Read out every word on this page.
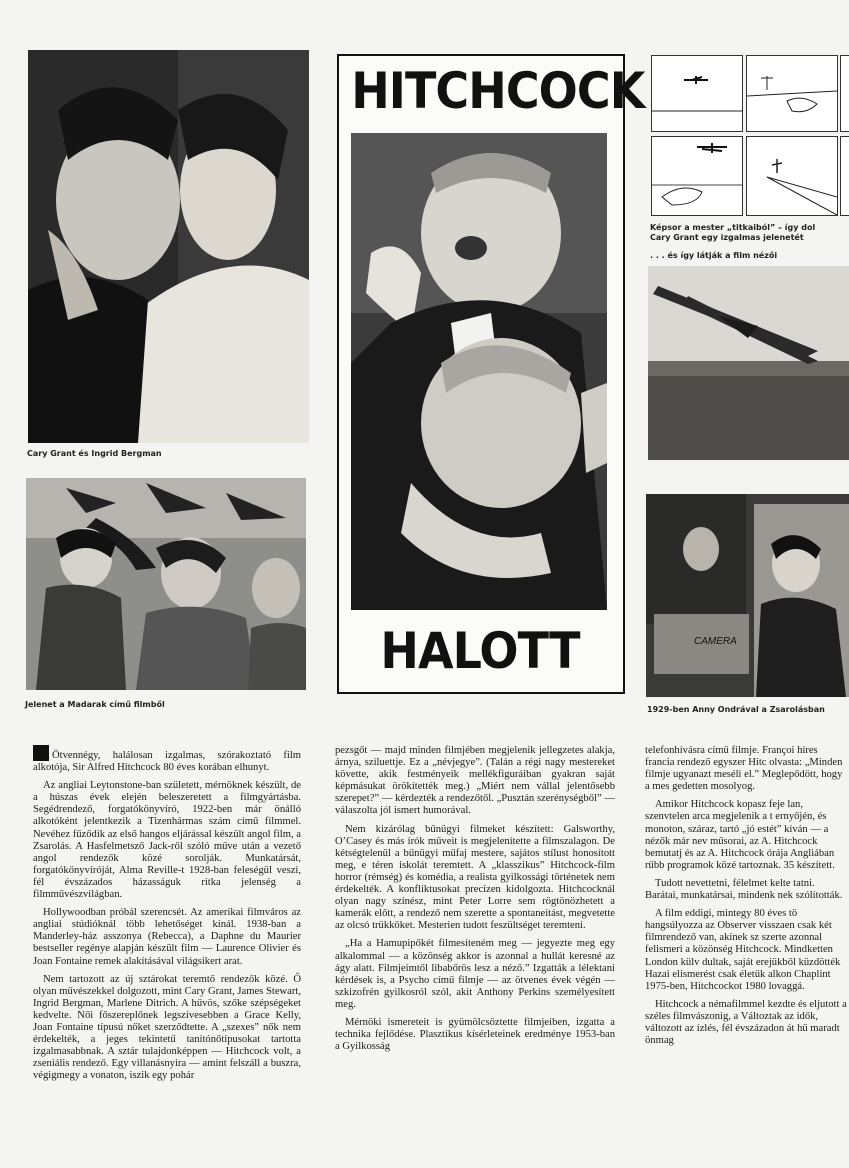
Cary Grant és Ingrid Bergman
Jelenet a Madarak című filmből
HITCHCOCK
HALOTT
Képsor a mester „titkaiból” – így dol
Cary Grant egy izgalmas jelenetét
. . . és így látják a film nézői
CAMERA
1929-ben Anny Ondrával a Zsarolásban

Ötvennégy, halálosan izgalmas, szórakoztató film alkotója, Sir Alfred Hitchcock 80 éves korában elhunyt.

Az angliai Leytonstone-ban született, mérnöknek készült, de a húszas évek elején beleszeretett a filmgyártásba. Segédrendező, forgatókönyvíró, 1922-ben már önálló alkotóként jelentkezik a Tizenhármas szám című filmmel. Nevéhez fűződik az első hangos eljárással készült angol film, a Zsarolás. A Hasfelmetsző Jack-ről szóló műve után a vezető angol rendezők közé sorolják. Munkatársát, forgatókönyvíróját, Alma Reville-t 1928-ban feleségül veszi, fél évszázados házasságuk ritka jelenség a filmművészvilágban.

Hollywoodban próbál szerencsét. Az amerikai filmváros az angliai stúdióknál több lehetőséget kínál. 1938-ban a Manderley-ház asszonya (Rebecca), a Daphne du Maurier bestseller regénye alapján készült film — Laurence Olivier és Joan Fontaine remek alakításával világsikert arat.

Nem tartozott az új sztárokat teremtő rendezők közé. Ő olyan művészekkel dolgozott, mint Cary Grant, James Stewart, Ingrid Bergman, Marlene Ditrich. A hűvös, szőke szépségeket kedvelte. Női főszereplőnek legszívesebben a Grace Kelly, Joan Fontaine típusú nőket szerződtette. A „szexes” nők nem érdekelték, a jeges tekintetű tanítónőtípusokat tartotta izgalmasabbnak. A sztár tulajdonképpen — Hitchcock volt, a zseniális rendező. Egy villanásnyira — amint felszáll a buszra, végigmegy a vonaton, iszik egy pohár

pezsgőt — majd minden filmjében megjelenik jellegzetes alakja, árnya, sziluettje. Ez a „névjegye”. (Talán a régi nagy mestereket követte, akik festményeik mellékfiguráiban gyakran saját képmásukat örökítették meg.) „Miért nem vállal jelentősebb szerepet?” — kérdezték a rendezőtől. „Pusztán szerénységből” — válaszolta jól ismert humorával.

Nem kizárólag bűnügyi filmeket készített: Galsworthy, O’Casey és más írók műveit is megjelenítette a filmszalagon. De kétségtelenül a bűnügyi műfaj mestere, sajátos stílust honosított meg, e téren iskolát teremtett. A „klasszikus” Hitchcock-film horror (rémség) és komédia, a realista gyilkossági történetek nem érdekelték. A konfliktusokat precízen kidolgozta. Hitchcocknál olyan nagy színész, mint Peter Lorre sem rögtönözhetett a kamerák előtt, a rendező nem szerette a spontaneitást, megvetette az olcsó trükköket. Mesterien tudott feszültséget teremteni.

„Ha a Hamupipőkét filmesíteném meg — jegyezte meg egy alkalommal — a közönség akkor is azonnal a hullát keresné az ágy alatt. Filmjeimtől libabőrös lesz a néző.” Izgatták a lélektani kérdések is, a Psycho című filmje — az ötvenes évek végén — szkizofrén gyilkosról szól, akit Anthony Perkins személyesített meg.

Mérnöki ismereteit is gyümölcsöztette filmjeiben, izgatta a technika fejlődése. Plasztikus kísérleteinek eredménye 1953-ban a Gyilkosság

telefonhívásra című filmje. Françoi híres francia rendező egyszer Hitc olvasta: „Minden filmje ugyanazt meséli el.” Meglepődött, hogy a mes gedetten mosolyog.

Amikor Hitchcock kopasz feje lan, szenvtelen arca megjelenik a t ernyőjén, és monoton, száraz, tartó „jó estét” kíván — a nézők már nev műsorai, az A. Hitchcock bemutatj és az A. Hitchcock órája Angliában rűbb programok közé tartoznak. 35 készített.

Tudott nevettetni, félelmet kelte tatni. Barátai, munkatársai, mindenk nek szólították.

A film eddigi, mintegy 80 éves tö hangsúlyozza az Observer visszaen csak két filmrendező van, akinek sz szerte azonnal felismeri a közönség Hitchcock. Mindketten London külv dultak, saját erejükből küzdötték Hazai elismerést csak életük alkon Chaplint 1975-ben, Hitchcockot 1980 lovaggá.

Hitchcock a némafilmmel kezdte és eljutott a széles filmvászonig, a Változtak az idők, változott az ízlés, fél évszázadon át hű maradt önmag
